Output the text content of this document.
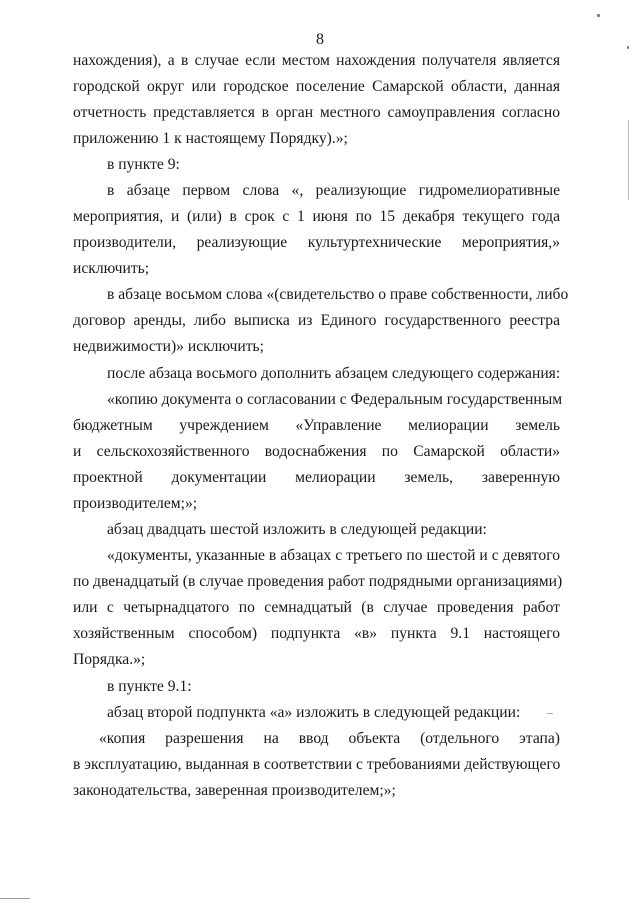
8
нахождения), а в случае если местом нахождения получателя является
городской округ или городское поселение Самарской области, данная
отчетность представляется в орган местного самоуправления согласно
приложению 1 к настоящему Порядку).»;
в пункте 9:
в абзаце первом слова «, реализующие гидромелиоративные
мероприятия, и (или) в срок с 1 июня по 15 декабря текущего года
производители, реализующие культуртехнические мероприятия,»
исключить;
в абзаце восьмом слова «(свидетельство о праве собственности, либо
договор аренды, либо выписка из Единого государственного реестра
недвижимости)» исключить;
после абзаца восьмого дополнить абзацем следующего содержания:
«копию документа о согласовании с Федеральным государственным
бюджетным учреждением «Управление мелиорации земель
и сельскохозяйственного водоснабжения по Самарской области»
проектной документации мелиорации земель, заверенную
производителем;»;
абзац двадцать шестой изложить в следующей редакции:
«документы, указанные в абзацах с третьего по шестой и с девятого
по двенадцатый (в случае проведения работ подрядными организациями)
или с четырнадцатого по семнадцатый (в случае проведения работ
хозяйственным способом) подпункта «в» пункта 9.1 настоящего
Порядка.»;
в пункте 9.1:
абзац второй подпункта «а» изложить в следующей редакции:
«копия разрешения на ввод объекта (отдельного этапа)
в эксплуатацию, выданная в соответствии с требованиями действующего
законодательства, заверенная производителем;»;
